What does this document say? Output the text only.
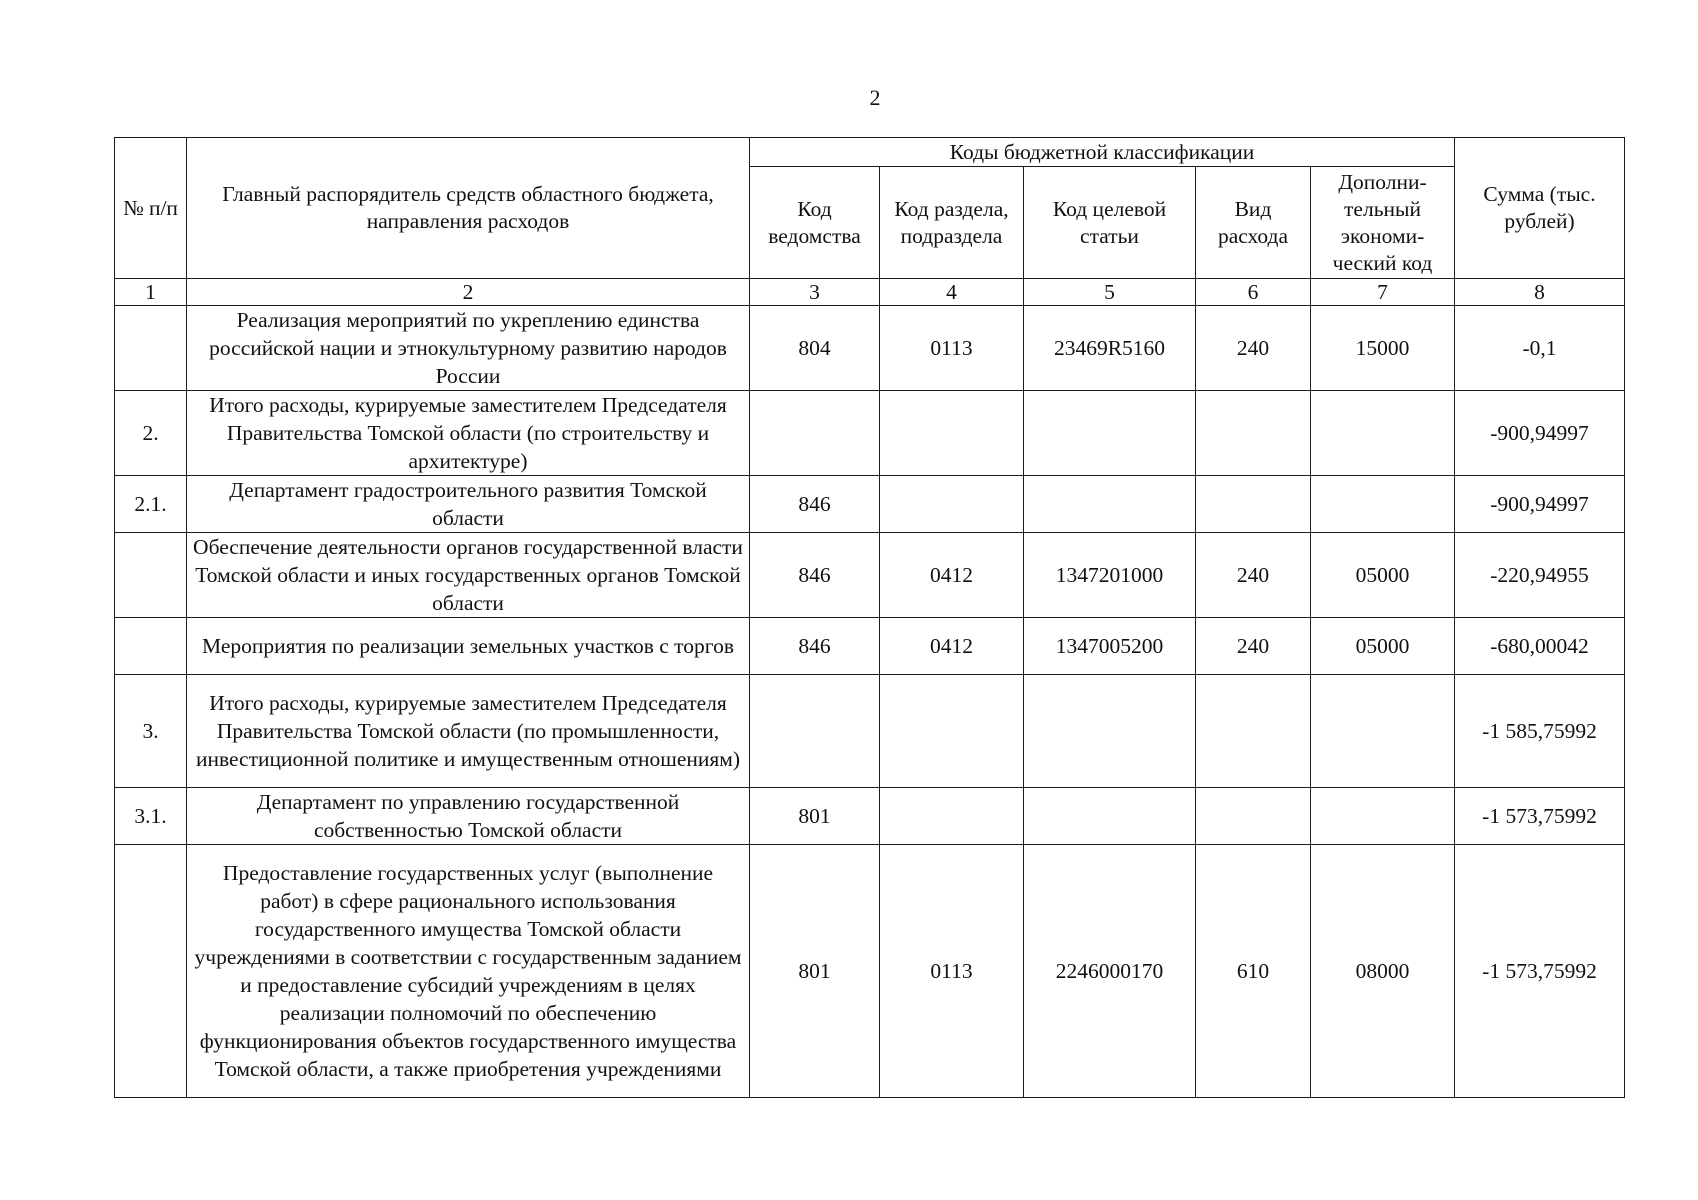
2
№ п/п	Главный распорядитель средств областного бюджета, направления расходов	Коды бюджетной классификации					Сумма (тыс. рублей)
		Код ведомства	Код раздела, подраздела	Код целевой статьи	Вид расхода	Дополни-тельный экономи-ческий код	
1	2	3	4	5	6	7	8
	Реализация мероприятий по укреплению единства российской нации и этнокультурному развитию народов России	804	0113	23469R5160	240	15000	-0,1
2.	Итого расходы, курируемые заместителем Председателя Правительства Томской области (по строительству и архитектуре)						-900,94997
2.1.	Департамент градостроительного развития Томской области	846					-900,94997
	Обеспечение деятельности органов государственной власти Томской области и иных государственных органов Томской области	846	0412	1347201000	240	05000	-220,94955
	Мероприятия по реализации земельных участков с торгов	846	0412	1347005200	240	05000	-680,00042
3.	Итого расходы, курируемые заместителем Председателя Правительства Томской области (по промышленности, инвестиционной политике и имущественным отношениям)						-1 585,75992
3.1.	Департамент по управлению государственной собственностью Томской области	801					-1 573,75992
	Предоставление государственных услуг (выполнение работ) в сфере рационального использования государственного имущества Томской области учреждениями в соответствии с государственным заданием и предоставление субсидий учреждениям в целях реализации полномочий по обеспечению функционирования объектов государственного имущества Томской области, а также приобретения учреждениями	801	0113	2246000170	610	08000	-1 573,75992
